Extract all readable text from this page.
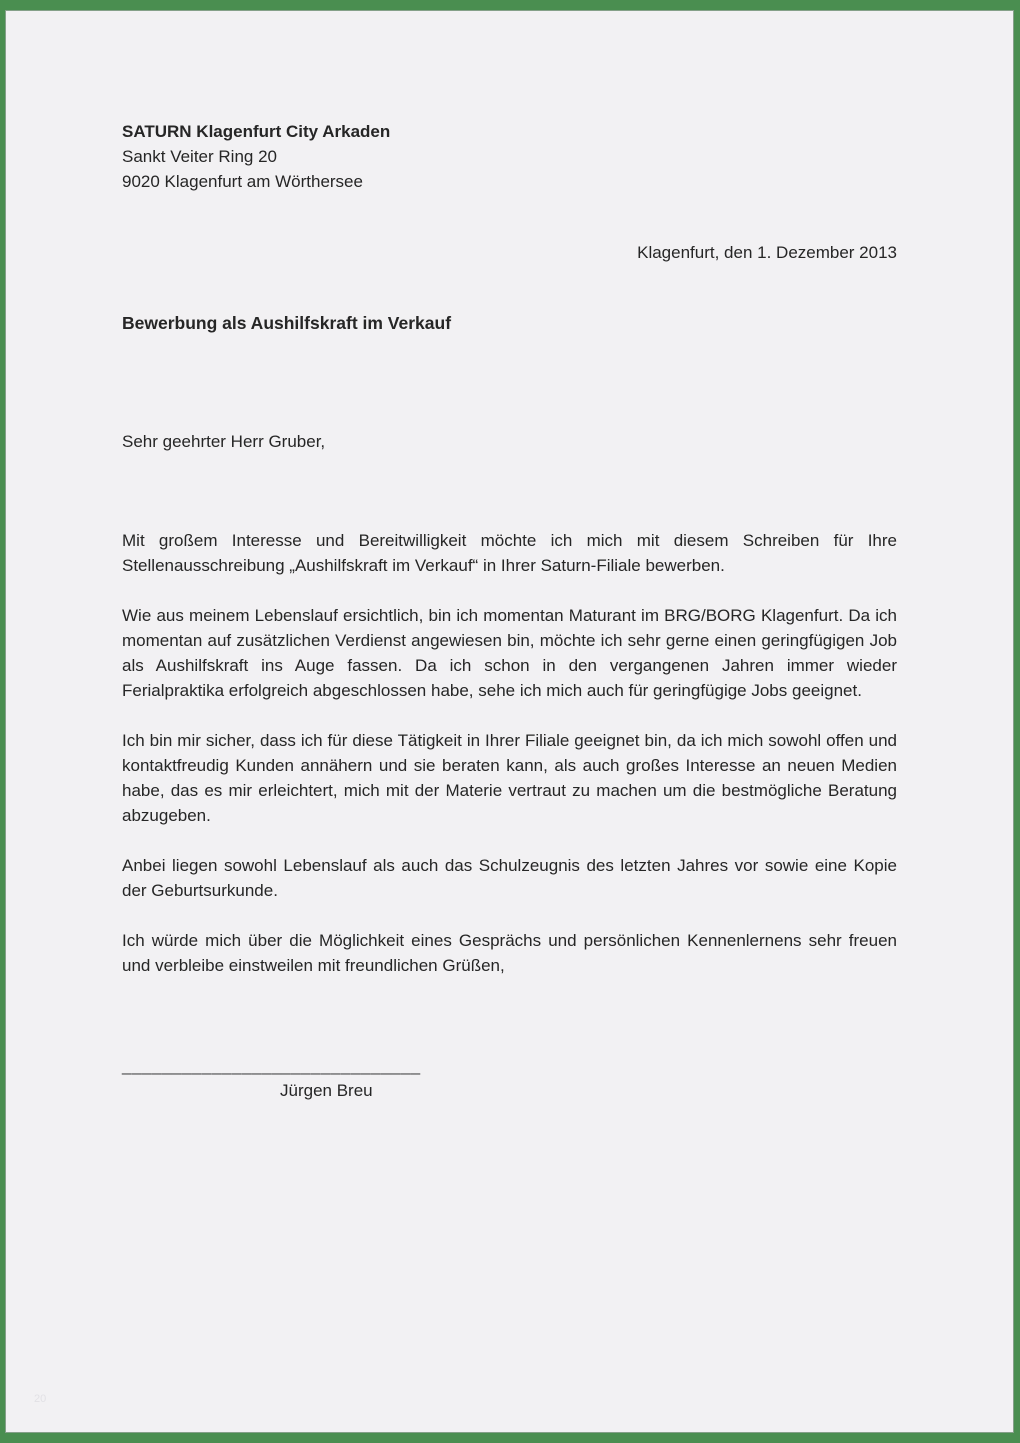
SATURN Klagenfurt City Arkaden
Sankt Veiter Ring 20
9020 Klagenfurt am Wörthersee
Klagenfurt, den 1. Dezember 2013
Bewerbung als Aushilfskraft im Verkauf
Sehr geehrter Herr Gruber,
Mit großem Interesse und Bereitwilligkeit möchte ich mich mit diesem Schreiben für Ihre Stellenausschreibung „Aushilfskraft im Verkauf“ in Ihrer Saturn-Filiale bewerben.
Wie aus meinem Lebenslauf ersichtlich, bin ich momentan Maturant im BRG/BORG Klagenfurt. Da ich momentan auf zusätzlichen Verdienst angewiesen bin, möchte ich sehr gerne einen geringfügigen Job als Aushilfskraft ins Auge fassen. Da ich schon in den vergangenen Jahren immer wieder Ferialpraktika erfolgreich abgeschlossen habe, sehe ich mich auch für geringfügige Jobs geeignet.
Ich bin mir sicher, dass ich für diese Tätigkeit in Ihrer Filiale geeignet bin, da ich mich sowohl offen und kontaktfreudig Kunden annähern und sie beraten kann, als auch großes Interesse an neuen Medien habe, das es mir erleichtert, mich mit der Materie vertraut zu machen um die bestmögliche Beratung abzugeben.
Anbei liegen sowohl Lebenslauf als auch das Schulzeugnis des letzten Jahres vor sowie eine Kopie der Geburtsurkunde.
Ich würde mich über die Möglichkeit eines Gesprächs und persönlichen Kennenlernens sehr freuen und verbleibe einstweilen mit freundlichen Grüßen,
______________________________
Jürgen Breu
20
